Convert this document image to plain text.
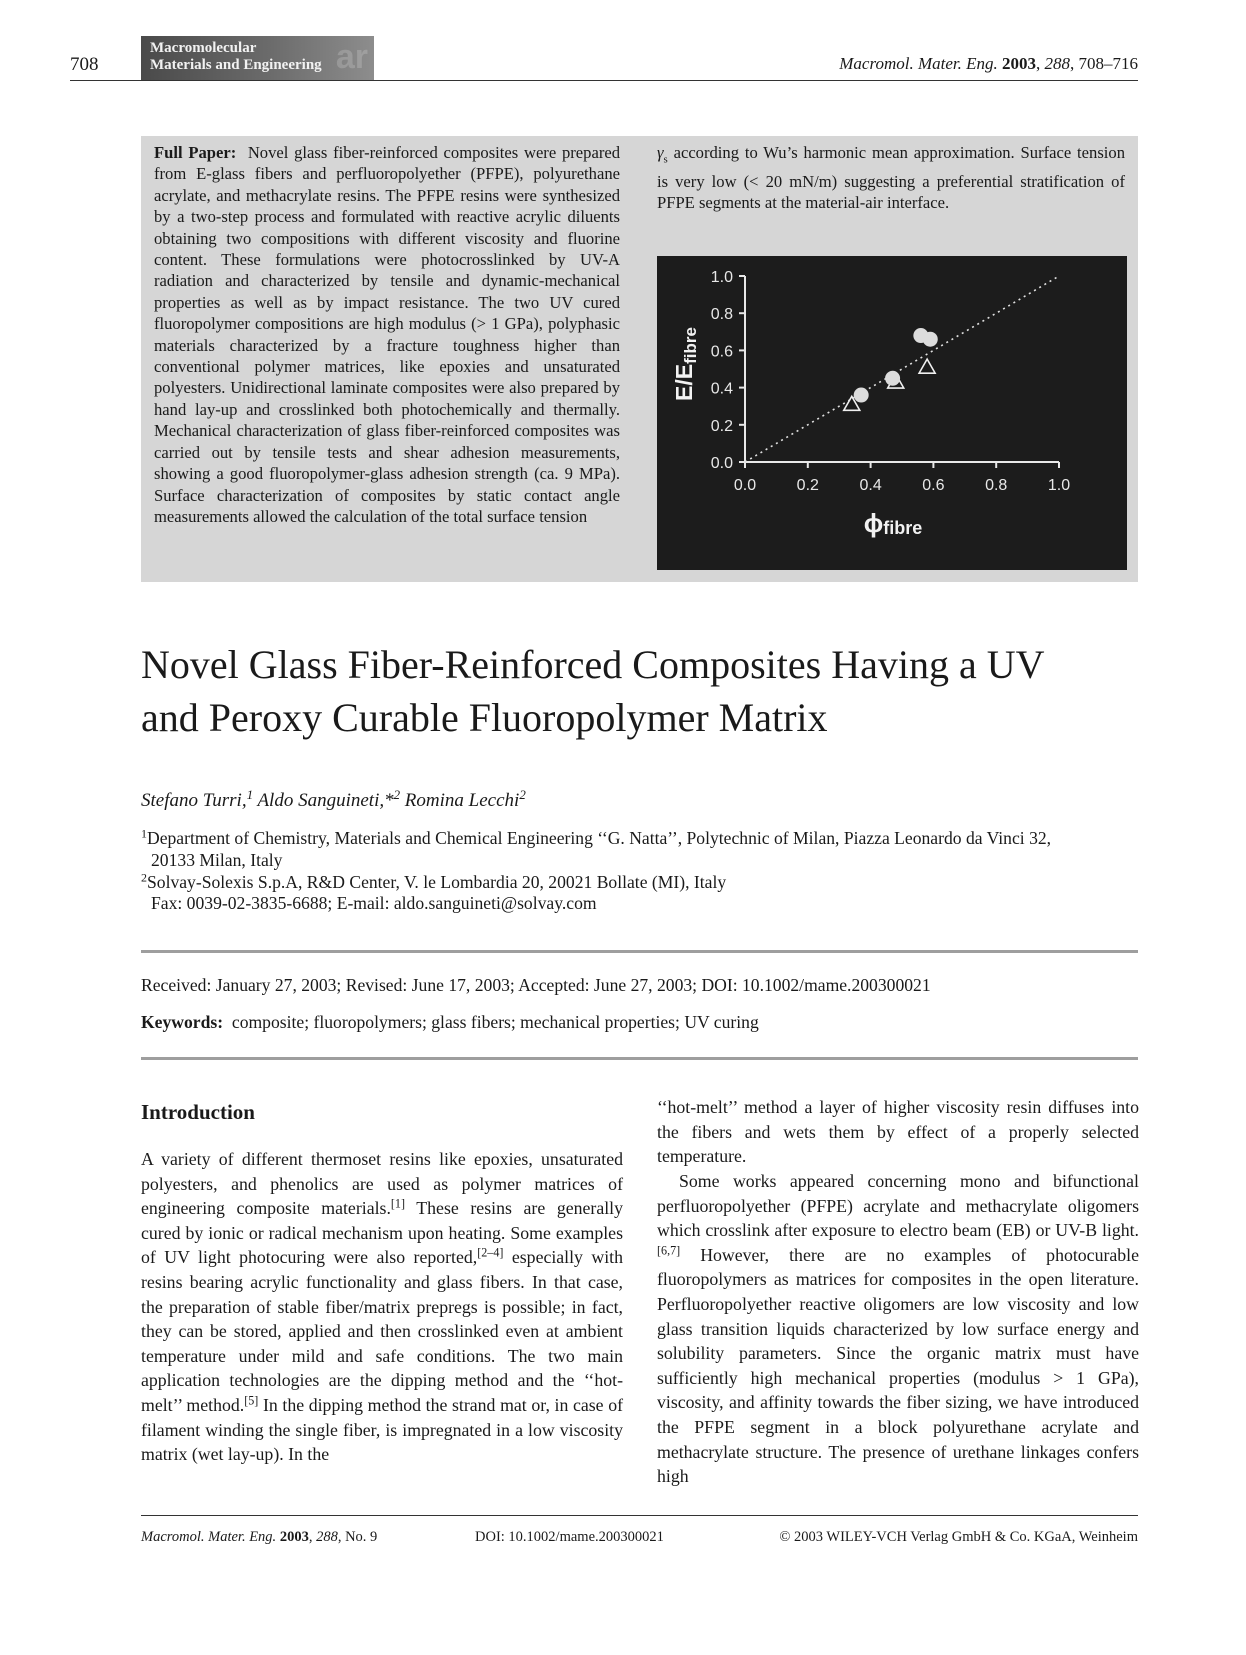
708
Macromolecular
Materials and Engineering ar	Macromol. Mater. Eng. 2003, 288, 708–716

Full Paper: Novel glass fiber-reinforced composites were prepared from E-glass fibers and perfluoropolyether (PFPE), polyurethane acrylate, and methacrylate resins. The PFPE resins were synthesized by a two-step process and formulated with reactive acrylic diluents obtaining two compositions with different viscosity and fluorine content. These formulations were photocrosslinked by UV-A radiation and characterized by tensile and dynamic-mechanical properties as well as by impact resistance. The two UV cured fluoropolymer compositions are high modulus (> 1 GPa), polyphasic materials characterized by a fracture toughness higher than conventional polymer matrices, like epoxies and unsaturated polyesters. Unidirectional laminate composites were also prepared by hand lay-up and crosslinked both photochemically and thermally. Mechanical characterization of glass fiber-reinforced composites was carried out by tensile tests and shear adhesion measurements, showing a good fluoropolymer-glass adhesion strength (ca. 9 MPa). Surface characterization of composites by static contact angle measurements allowed the calculation of the total surface tension

$\gamma_s$ according to Wu’s harmonic mean approximation. Surface tension is very low (< 20 mN/m) suggesting a preferential stratification of PFPE segments at the material-air interface.

0.0	0.2	0.4	0.6	0.8	1.0
0.0
0.2
0.4
0.6
0.8
1.0
E/Efibre
ϕfibre
Novel Glass Fiber-Reinforced Composites Having a UV
and Peroxy Curable Fluoropolymer Matrix
Stefano Turri,$^1$ Aldo Sanguineti,*$^2$ Romina Lecchi$^2$
$^1$Department of Chemistry, Materials and Chemical Engineering ‘‘G. Natta’’, Polytechnic of Milan, Piazza Leonardo da Vinci 32,
20133 Milan, Italy
$^2$Solvay-Solexis S.p.A, R&D Center, V. le Lombardia 20, 20021 Bollate (MI), Italy
Fax: 0039-02-3835-6688; E-mail: aldo.sanguineti@solvay.com
Received: January 27, 2003; Revised: June 17, 2003; Accepted: June 27, 2003; DOI: 10.1002/mame.200300021
Keywords: composite; fluoropolymers; glass fibers; mechanical properties; UV curing
Introduction

A variety of different thermoset resins like epoxies, unsaturated polyesters, and phenolics are used as polymer matrices of engineering composite materials.[1] These resins are generally cured by ionic or radical mechanism upon heating. Some examples of UV light photocuring were also reported,[2–4] especially with resins bearing acrylic functionality and glass fibers. In that case, the preparation of stable fiber/matrix prepregs is possible; in fact, they can be stored, applied and then crosslinked even at ambient temperature under mild and safe conditions. The two main application technologies are the dipping method and the ‘‘hot-melt’’ method.[5] In the dipping method the strand mat or, in case of filament winding the single fiber, is impregnated in a low viscosity matrix (wet lay-up). In the

‘‘hot-melt’’ method a layer of higher viscosity resin diffuses into the fibers and wets them by effect of a properly selected temperature.

Some works appeared concerning mono and bifunctional perfluoropolyether (PFPE) acrylate and methacrylate oligomers which crosslink after exposure to electro beam (EB) or UV-B light.[6,7] However, there are no examples of photocurable fluoropolymers as matrices for composites in the open literature. Perfluoropolyether reactive oligomers are low viscosity and low glass transition liquids characterized by low surface energy and solubility parameters. Since the organic matrix must have sufficiently high mechanical properties (modulus > 1 GPa), viscosity, and affinity towards the fiber sizing, we have introduced the PFPE segment in a block polyurethane acrylate and methacrylate structure. The presence of urethane linkages confers high

Macromol. Mater. Eng. 2003, 288, No. 9	DOI: 10.1002/mame.200300021	© 2003 WILEY-VCH Verlag GmbH & Co. KGaA, Weinheim
